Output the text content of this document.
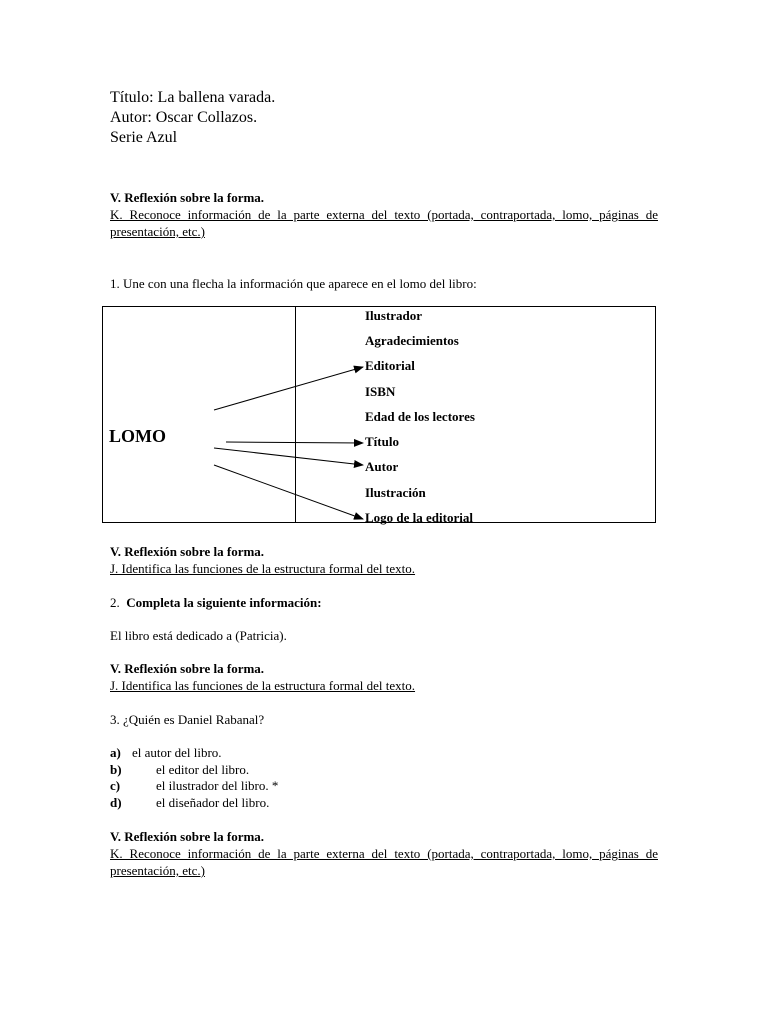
Título: La ballena varada.
Autor: Oscar Collazos.
Serie Azul
V. Reflexión sobre la forma.
K. Reconoce información de la parte externa del texto (portada, contraportada, lomo, páginas de presentación, etc.)
1. Une con una flecha la información que aparece en el lomo del libro:
LOMO
Ilustrador
Agradecimientos
Editorial
ISBN
Edad de los lectores
Título
Autor
Ilustración
Logo de la editorial
V. Reflexión sobre la forma.
J. Identifica las funciones de la estructura formal del texto.
2. Completa la siguiente información:
El libro está dedicado a (Patricia).
V. Reflexión sobre la forma.
J. Identifica las funciones de la estructura formal del texto.
3. ¿Quién es Daniel Rabanal?
a) el autor del libro.
b)	el editor del libro.
c)	el ilustrador del libro. *
d)	el diseñador del libro.
V. Reflexión sobre la forma.
K. Reconoce información de la parte externa del texto (portada, contraportada, lomo, páginas de presentación, etc.)
